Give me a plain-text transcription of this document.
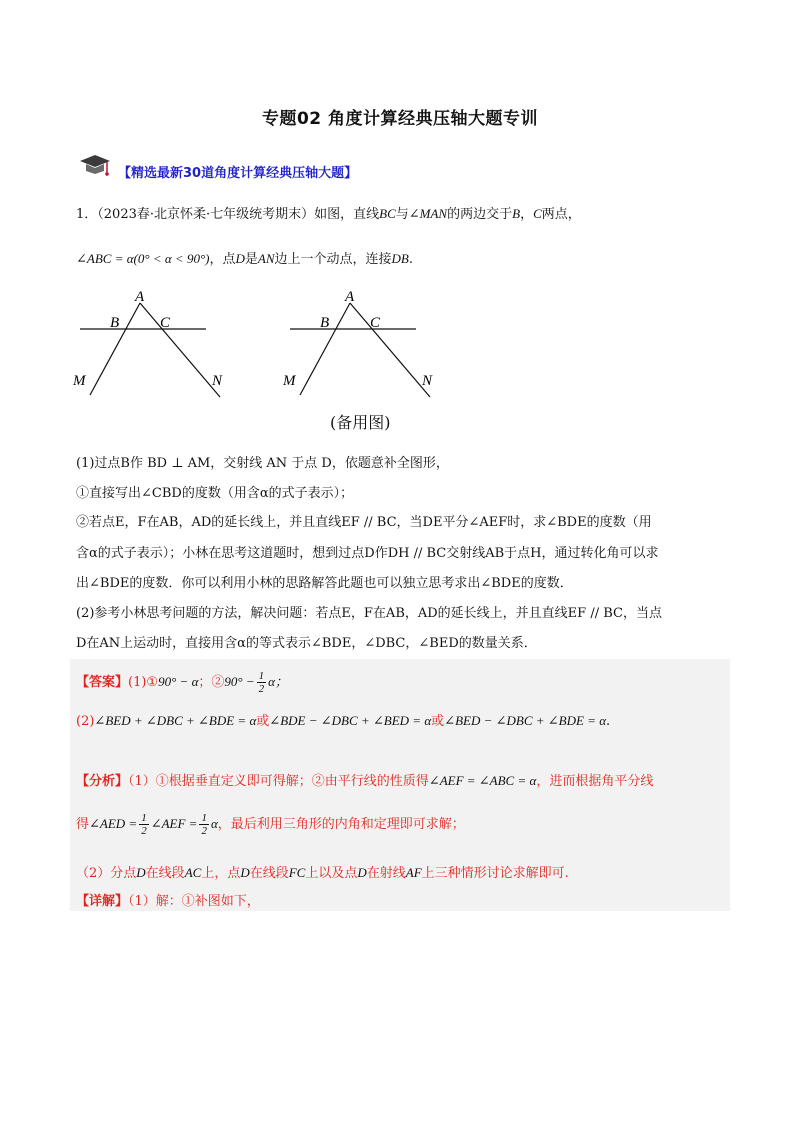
专题02 角度计算经典压轴大题专训
【精选最新30道角度计算经典压轴大题】
1．（2023春·北京怀柔·七年级统考期末）如图，直线BC与∠MAN的两边交于B，C两点，
∠ABC = α(0° < α < 90°)，点D是AN边上一个动点，连接DB.
A
B	C
M	N
A
B	C
M	N
(备用图)
(1)过点B作 BD ⊥ AM，交射线 AN 于点 D，依题意补全图形，
①直接写出∠CBD的度数（用含α的式子表示）；
②若点E，F在AB，AD的延长线上，并且直线EF // BC，当DE平分∠AEF时，求∠BDE的度数（用
含α的式子表示）；小林在思考这道题时，想到过点D作DH // BC交射线AB于点H，通过转化角可以求
出∠BDE的度数．你可以利用小林的思路解答此题也可以独立思考求出∠BDE的度数．
(2)参考小林思考问题的方法，解决问题：若点E，F在AB，AD的延长线上，并且直线EF // BC，当点
D在AN上运动时，直接用含α的等式表示∠BDE，∠DBC，∠BED的数量关系．
【答案】(1)①90° − α；②90° − $\frac{1}{2}$ α；
(2)∠BED + ∠DBC + ∠BDE = α或∠BDE − ∠DBC + ∠BED = α或∠BED − ∠DBC + ∠BDE = α.
【分析】（1）①根据垂直定义即可得解；②由平行线的性质得∠AEF = ∠ABC = α，进而根据角平分线
得∠AED = $\frac{1}{2}$ ∠AEF = $\frac{1}{2}$ α，最后利用三角形的内角和定理即可求解；
（2）分点D在线段AC上，点D在线段FC上以及点D在射线AF上三种情形讨论求解即可.
【详解】（1）解：①补图如下，
